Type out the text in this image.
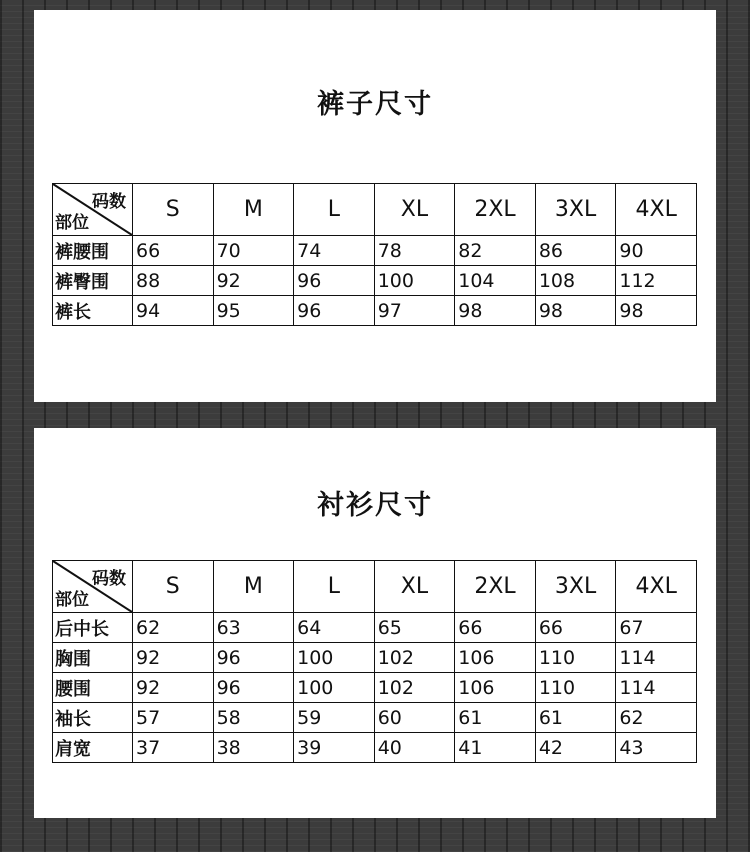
裤子尺寸
码数
部位	S	M	L	XL	2XL	3XL	4XL
裤腰围	66	70	74	78	82	86	90
裤臀围	88	92	96	100	104	108	112
裤长	94	95	96	97	98	98	98
衬衫尺寸
码数
部位	S	M	L	XL	2XL	3XL	4XL
后中长	62	63	64	65	66	66	67
胸围	92	96	100	102	106	110	114
腰围	92	96	100	102	106	110	114
袖长	57	58	59	60	61	61	62
肩宽	37	38	39	40	41	42	43
